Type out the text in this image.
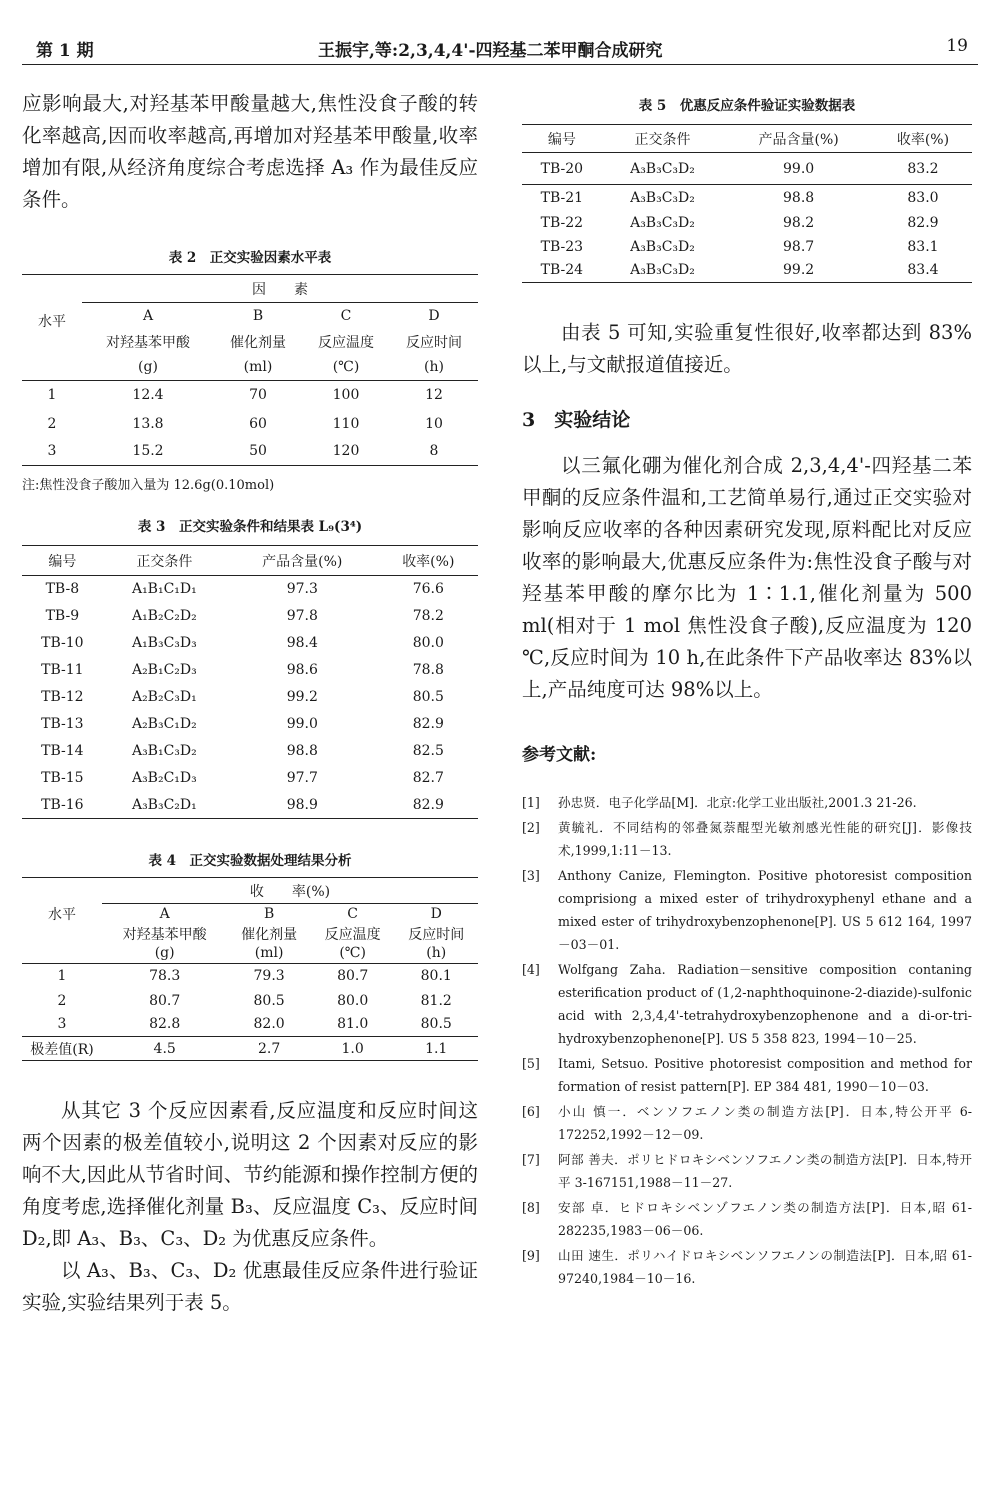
第 1 期	王振宇,等:2,3,4,4'-四羟基二苯甲酮合成研究	19

应影响最大,对羟基苯甲酸量越大,焦性没食子酸的转化率越高,因而收率越高,再增加对羟基苯甲酸量,收率增加有限,从经济角度综合考虑选择 A₃ 作为最佳反应条件。

表 2　正交实验因素水平表

水平	因　　素			
	A	B	C	D
	对羟基苯甲酸	催化剂量	反应温度	反应时间
	(g)	(ml)	(℃)	(h)
1	12.4	70	100	12
2	13.8	60	110	10
3	15.2	50	120	8

注:焦性没食子酸加入量为 12.6g(0.10mol)

表 3　正交实验条件和结果表 L₉(3⁴)

编号	正交条件	产品含量(%)	收率(%)
TB-8	A₁B₁C₁D₁	97.3	76.6
TB-9	A₁B₂C₂D₂	97.8	78.2
TB-10	A₁B₃C₃D₃	98.4	80.0
TB-11	A₂B₁C₂D₃	98.6	78.8
TB-12	A₂B₂C₃D₁	99.2	80.5
TB-13	A₂B₃C₁D₂	99.0	82.9
TB-14	A₃B₁C₃D₂	98.8	82.5
TB-15	A₃B₂C₁D₃	97.7	82.7
TB-16	A₃B₃C₂D₁	98.9	82.9

表 4　正交实验数据处理结果分析

水平	收　　率(%)			
	A	B	C	D
	对羟基苯甲酸	催化剂量	反应温度	反应时间
	(g)	(ml)	(℃)	(h)
1	78.3	79.3	80.7	80.1
2	80.7	80.5	80.0	81.2
3	82.8	82.0	81.0	80.5
极差值(R)	4.5	2.7	1.0	1.1

从其它 3 个反应因素看,反应温度和反应时间这两个因素的极差值较小,说明这 2 个因素对反应的影响不大,因此从节省时间、节约能源和操作控制方便的角度考虑,选择催化剂量 B₃、反应温度 C₃、反应时间 D₂,即 A₃、B₃、C₃、D₂ 为优惠反应条件。

以 A₃、B₃、C₃、D₂ 优惠最佳反应条件进行验证实验,实验结果列于表 5。

表 5　优惠反应条件验证实验数据表

编号	正交条件	产品含量(%)	收率(%)
TB-20	A₃B₃C₃D₂	99.0	83.2
TB-21	A₃B₃C₃D₂	98.8	83.0
TB-22	A₃B₃C₃D₂	98.2	82.9
TB-23	A₃B₃C₃D₂	98.7	83.1
TB-24	A₃B₃C₃D₂	99.2	83.4

由表 5 可知,实验重复性很好,收率都达到 83%以上,与文献报道值接近。

3　实验结论

以三氟化硼为催化剂合成 2,3,4,4'-四羟基二苯甲酮的反应条件温和,工艺简单易行,通过正交实验对影响反应收率的各种因素研究发现,原料配比对反应收率的影响最大,优惠反应条件为:焦性没食子酸与对羟基苯甲酸的摩尔比为 1∶1.1,催化剂量为 500 ml(相对于 1 mol 焦性没食子酸),反应温度为 120 ℃,反应时间为 10 h,在此条件下产品收率达 83%以上,产品纯度可达 98%以上。

参考文献:

[1]	孙忠贤．电子化学品[M]．北京:化学工业出版社,2001.3 21-26.
[2]	黄毓礼．不同结构的邻叠氮萘醌型光敏剂感光性能的研究[J]．影像技术,1999,1:11－13.
[3]	Anthony Canize, Flemington. Positive photoresist composition comprisiong a mixed ester of trihydroxyphenyl ethane and a mixed ester of trihydroxybenzophenone[P]. US 5 612 164, 1997－03－01.
[4]	Wolfgang Zaha. Radiation－sensitive composition contaning esterification product of (1,2-naphthoquinone-2-diazide)-sulfonic acid with 2,3,4,4'-tetrahydroxybenzophenone and a di-or-tri-hydroxybenzophenone[P]. US 5 358 823, 1994－10－25.
[5]	Itami, Setsuo. Positive photoresist composition and method for formation of resist pattern[P]. EP 384 481, 1990－10－03.
[6]	小山 慎一．ベンソフエノン类の制造方法[P]．日本,特公开平 6-172252,1992－12－09.
[7]	阿部 善夫．ポリヒドロキシベンソフエノン类の制造方法[P]．日本,特开平 3-167151,1988－11－27.
[8]	安部 卓．ヒドロキシベンゾフエノン类の制造方法[P]．日本,昭 61-282235,1983－06－06.
[9]	山田 速生．ポリハイドロキシベンソフエノンの制造法[P]．日本,昭 61-97240,1984－10－16.
